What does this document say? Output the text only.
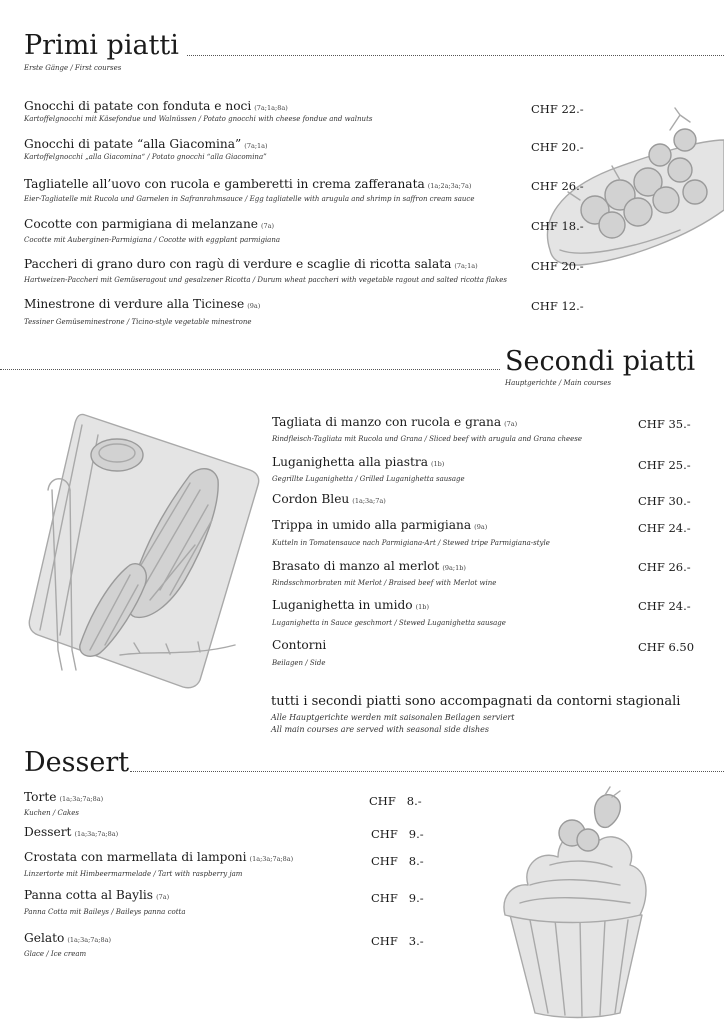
Primi piatti
Erste Gänge / First courses
Gnocchi di patate con fonduta e noci (7a;1a;8a)
Kartoffelgnocchi mit Käsefondue und Walnüssen / Potato gnocchi with cheese fondue and walnuts
CHF 22.-
Gnocchi di patate “alla Giacomina” (7a;1a)
Kartoffelgnocchi „alla Giacomina“ / Potato gnocchi “alla Giacomina”
CHF 20.-
Tagliatelle all’uovo con rucola e gamberetti in crema zafferanata (1a;2a;3a;7a)
Eier-Tagliatelle mit Rucola und Garnelen in Safranrahmsauce / Egg tagliatelle with arugula and shrimp in saffron cream sauce
CHF 26.-
Cocotte con parmigiana di melanzane (7a)
Cocotte mit Auberginen-Parmigiana / Cocotte with eggplant parmigiana
CHF 18.-
Paccheri di grano duro con ragù di verdure e scaglie di ricotta salata (7a;1a)
Hartweizen-Paccheri mit Gemüseragout und gesalzener Ricotta / Durum wheat paccheri with vegetable ragout and salted ricotta flakes
CHF 20.-
Minestrone di verdure alla Ticinese (9a)
Tessiner Gemüseminestrone / Ticino-style vegetable minestrone
CHF 12.-
Secondi piatti
Hauptgerichte / Main courses
Tagliata di manzo con rucola e grana (7a)
Rindfleisch-Tagliata mit Rucola und Grana / Sliced beef with arugula and Grana cheese
CHF 35.-
Luganighetta alla piastra (1b)
Gegrillte Luganighetta / Grilled Luganighetta sausage
CHF 25.-
Cordon Bleu (1a;3a;7a)	CHF 30.-
Trippa in umido alla parmigiana (9a)
Kutteln in Tomatensauce nach Parmigiana-Art / Stewed tripe Parmigiana-style
CHF 24.-
Brasato di manzo al merlot (9a;1b)
Rindsschmorbraten mit Merlot / Braised beef with Merlot wine
CHF 26.-
Luganighetta in umido (1b)
Luganighetta in Sauce geschmort / Stewed Luganighetta sausage
CHF 24.-
Contorni
Beilagen / Side
CHF 6.50
tutti i secondi piatti sono accompagnati da contorni stagionali
Alle Hauptgerichte werden mit saisonalen Beilagen serviert
All main courses are served with seasonal side dishes
Dessert
Torte (1a;3a;7a;8a)
Kuchen / Cakes
CHF   8.-
Dessert (1a;3a;7a;8a)	CHF   9.-
Crostata con marmellata di lamponi (1a;3a;7a;8a)
Linzertorte mit Himbeermarmelade / Tart with raspberry jam
CHF   8.-
Panna cotta al Baylis (7a)
Panna Cotta mit Baileys / Baileys panna cotta
CHF   9.-
Gelato (1a;3a;7a;8a)
Glace / Ice cream
CHF   3.-
